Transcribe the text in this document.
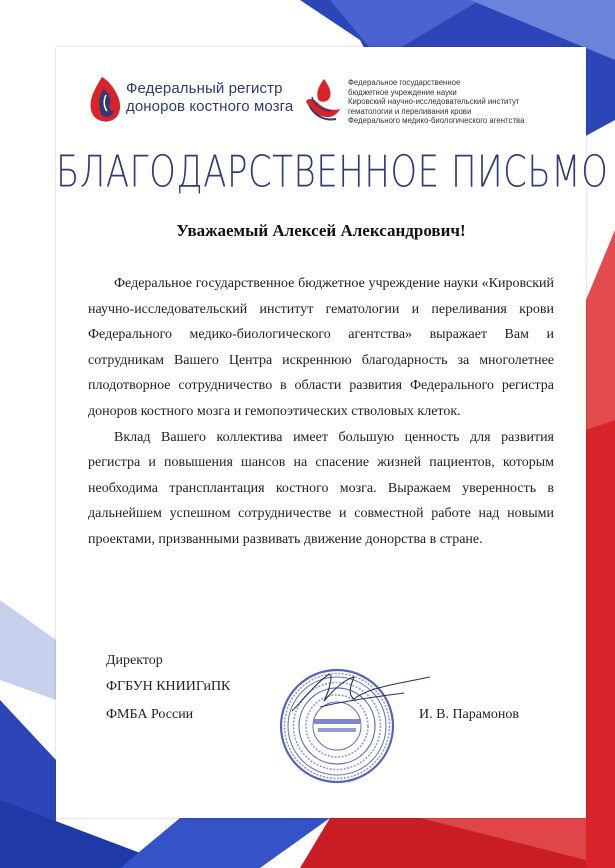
Федеральный регистр
доноров костного мозга
Федеральное государственное
бюджетное учреждение науки
Кировский научно-исследовательский институт
гематологии и переливания крови
Федерального медико-биологического агентства
БЛАГОДАРСТВЕННОЕ ПИСЬМО
Уважаемый Алексей Александрович!

Федеральное государственное бюджетное учреждение науки «Кировский научно-исследовательский институт гематологии и переливания крови Федерального медико-биологического агентства» выражает Вам и сотрудникам Вашего Центра искреннюю благодарность за многолетнее плодотворное сотрудничество в области развития Федерального регистра доноров костного мозга и гемопоэтических стволовых клеток.

Вклад Вашего коллектива имеет большую ценность для развития регистра и повышения шансов на спасение жизней пациентов, которым необходима трансплантация костного мозга. Выражаем уверенность в дальнейшем успешном сотрудничестве и совместной работе над новыми проектами, призванными развивать движение донорства в стране.

Директор
ФГБУН КНИИГиПК
ФМБА России	И. В. Парамонов
